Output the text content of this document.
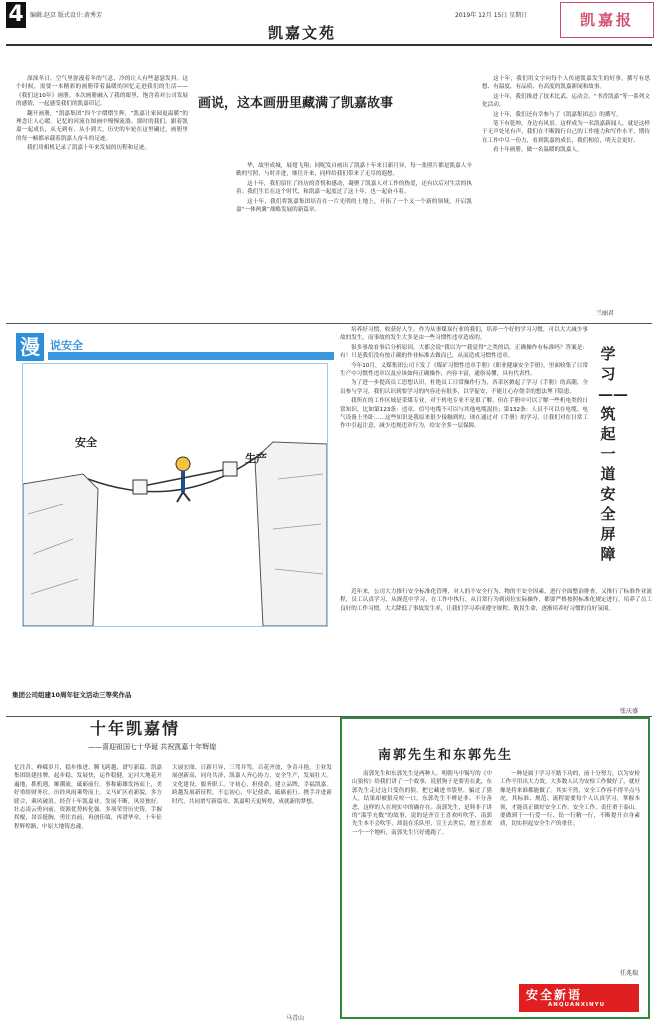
4	编辑:赵京 版式设计:黄秀芳
凯嘉文苑
2019年 12月 15日 星期日	凯嘉报
画说，这本画册里藏满了凯嘉故事

深深冬日，空气里弥漫着冬的气息，冷的让人有些瑟瑟发抖。这个时候，需要一本精彩的画册带着温暖的回忆走进我们的生活——《我们这10年》画册。本次画册融入了我的眼里，饱含着对公司发展的感情，一起感受我们的凯嘉印记。

翻开画册，“凯嘉集团”四个字熠熠生辉，“凯嘉让家园更温暖”的理念让人心暖。记忆的河流在图画中慢慢流淌。那时的我们，跟着凯嘉一起成长，从无到有，从小到大，历史的车轮在这里碾过，画册里的每一帧都承载着凯嘉人奋斗的足迹。

我们用相机记录了凯嘉十年来发展的历程和足迹。

华，故里成城，展翅飞翔；同呢发自画出了凯嘉十年来日新月异，每一张照片都是凯嘉人辛勤的写照，与时并进，继往开来，同样给我们带来了无尽的遐想。

这十年，我们留住了经历的喜悦和感动，凝聚了凯嘉人对工作的热爱，还有以后对生活的执着；我们生长在这个时代，和凯嘉一起度过了这十年，也一起奋斗着。

这十年，我们将凯嘉集团培育在一片光明的土地上，开拓了一个又一个新的领域，开启凯嘉“一体两翼”战略发展的新篇章。

这十年，我们用文字向每个人传递凯嘉发生的好事，撰写有思想、有温度、有品质、有高度的凯嘉新闻和故事。

这十年，我们推进了技术比武、运动会、“书香凯嘉”等一系列文化活动。

这十年，我们还有幸参与了《凯嘉集团志》的撰写。

笔下有乾坤，身边有风景。这样成为一名凯嘉新闻人，就是这样于无声处见有声，我们在不断践行自己的工作能力和写作水平，期待在工作中尽一份力，看到凯嘉的成长，我们相信，明天会更好。

看十年画册，做一名温暖的凯嘉人。

兰丽君
漫 说安全
安全
生产

培养好习惯，收获好人生。作为从事煤炭行业的我们，培养一个好的学习习惯，可以大大减少事故的发生，而事故的发生大多是由一些习惯性违章造成的。

很多事故看事后分析原因，大都会说“我以为”“我觉得”之类的话，正确操作有标准吗？答案是：有！只是我们没有按正确的作业标准去做而已，从而造成习惯性违章。

今年10月，义煤集团公司下发了《煤矿习惯性违章手册》《职业健康安全手册》，里面收集了日常生产中习惯性违章以及应该如何正确操作，内容丰富，通俗易懂，具有代表性。

为了进一步提高员工思想认识，杜绝员工日常操作行为，各采区掀起了学习《手册》的高潮，全员参与学习，我们认识到要学习的内容还有很多，以学促安，不能让心存侥幸的想法埋下隐患。

我所在的工作区域是采煤专业，对于机电专业不是很了解，但在手册中可以了解一些机电类的日常知识，比如第123条：违章、信号电缆不可以与其他电缆混挂；第132条：人员不可以在电缆、电气设备上坐卧……这些知识是我原来很少接触到的，现在通过对《手册》的学习，让我们对在日常工作中引起注意，减少违规违章行为，给安全多一层保障。

近年来，公司大力推行安全标准化管理，对人的不安全行为、物的不安全因素，进行全面整治排查，又推行了标准作业流程，员工认真学习，从规范中学习、在工作中执行，从日常行为到岗位实际操作，都要严格按照标准化规定进行，培养了员工良好的工作习惯，大大降低了事故发生率，让我们学习养成遵守规程、敬畏生命，逐渐培养好习惯的良好氛围。

学习——筑起一道安全屏障
张庆盛
集团公司组建10周年征文活动三等奖作品
十年凯嘉情
——喜迎祖国七十华诞 共祝凯嘉十年辉煌

忆往昔，峥嵘岁月，稳步推进。腾飞跨越，谱写新篇，凯嘉集团组建挂牌。起步稳，发展快，运作稳健。定河大地花开遍地，抓机遇，顺潮流，砥砺前行。事称霸雄发扬而上，美好重组财务壮，历经风雨乘势而上。义马矿区看新貌，多方联合，乘风破浪。经营十年凯嘉业，发展不断，风景独好。壮志凌云勇向前，资源优势转化强。多项荣誉历史铸，手握拐棍，昂首挺胸，勇往直前，再创佳绩，再谱华章。十年征程辉煌路，中原大地铸忠魂。

大展宏图，日新月异，三驾并驾。百花齐放，争奇斗艳。主业发展创新高，同舟共济，凯嘉人齐心协力，安全生产，发展壮大。文化建设，服务职工。守初心，担使命，建立品牌，幸福凯嘉。跨越发展新征程，不忘初心，牢记使命，砥砺前行。携手并进新时代，共同谱写新篇章，凯嘉明天更辉煌，成就新的梦想。

马青山
南郭先生和东郭先生

南郭先生和东郭先生是两种人。明朝马中锡写的《中山狼传》给我们讲了一个故事，说猎狗于是要害在此，东郭先生走过这只受伤的狼，把它藏进书袋里，骗过了猎人，结果却被狼反咬一口。东郭先生不辨是非、不分善恶，这样的人在现实中的确存在。南郭先生，是韩非子讲的“滥竽充数”的故事，说的是齐宣王喜欢听吹竽，南郭先生本不会吹竽，却混在乐队里，宣王去世后，湣王喜欢一个一个地听，南郭先生只好逃跑了。

一种是属于学习不踏下功的，前十分努力，以为安检工作不用出大力效。大多数人认为安检工作做好了，就好像是将来谁都能做了。其实不然，安全工作容不得半点马虎，其标准、规范、流程需要每个人认真学习，掌握本领，才能真正做好安全工作。安全工作，责任重于泰山。要做到干一行爱一行、钻一行精一行，不断提升自身素质，切实担起安全生产的重任。

任兆瑞
安全新语
ANQUANXINYU
